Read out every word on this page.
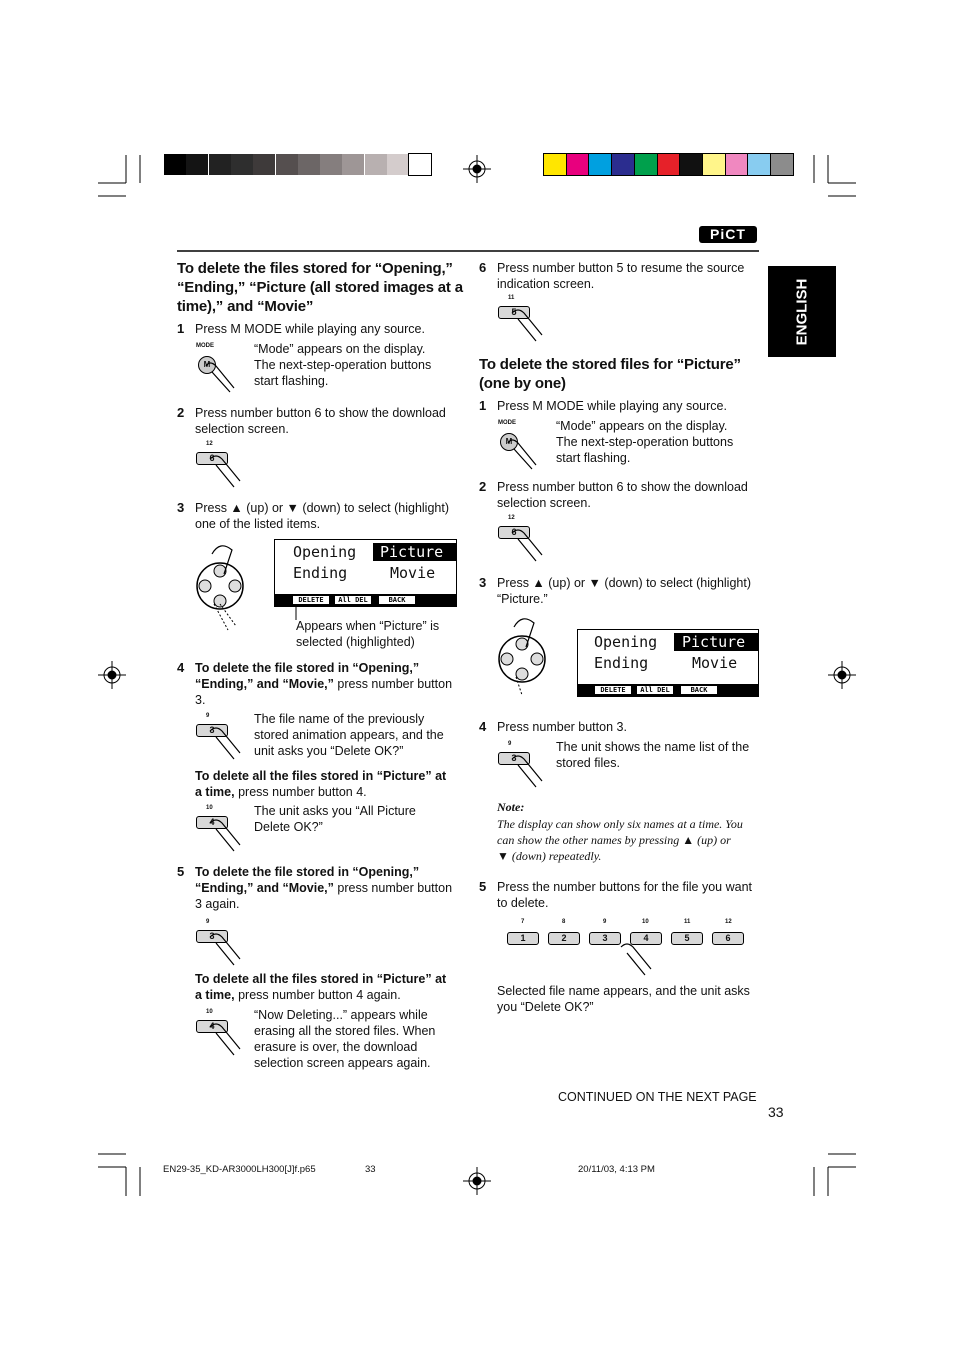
PiCT
ENGLISH
To delete the files stored for “Opening,”
“Ending,” “Picture (all stored images at a
time),” and “Movie”
1 Press M MODE while playing any source.
MODE
M
“Mode” appears on the display.
The next-step-operation buttons
start flashing.
2 Press number button 6 to show the download
selection screen.
12
6
3 Press ▲ (up) or ▼ (down) to select (highlight)
one of the listed items.
Opening	Picture
Ending	Movie
DELETE	All DEL	BACK
Appears when “Picture” is
selected (highlighted)
4 To delete the file stored in “Opening,”
“Ending,” and “Movie,” press number button
3.
9
3
The file name of the previously
stored animation appears, and the
unit asks you “Delete OK?”
To delete all the files stored in “Picture” at
a time, press number button 4.
10
4
The unit asks you “All Picture
Delete OK?”
5 To delete the file stored in “Opening,”
“Ending,” and “Movie,” press number button
3 again.
9
3
To delete all the files stored in “Picture” at
a time, press number button 4 again.
10
4
“Now Deleting...” appears while
erasing all the stored files. When
erasure is over, the download
selection screen appears again.
6 Press number button 5 to resume the source
indication screen.
11
5
To delete the stored files for “Picture”
(one by one)
1 Press M MODE while playing any source.
MODE
M
“Mode” appears on the display.
The next-step-operation buttons
start flashing.
2 Press number button 6 to show the download
selection screen.
12
6
3 Press ▲ (up) or ▼ (down) to select (highlight)
“Picture.”
Opening	Picture
Ending	Movie
DELETE	All DEL	BACK
4 Press number button 3.
9
3
The unit shows the name list of the
stored files.
Note:
The display can show only six names at a time. You
can show the other names by pressing ▲ (up) or
▼ (down) repeatedly.
5 Press the number buttons for the file you want
to delete.
7	8	9	10	11	12
1	2	3	4	5	6
Selected file name appears, and the unit asks
you “Delete OK?”
CONTINUED ON THE NEXT PAGE
33
EN29-35_KD-AR3000LH300[J]f.p65	33	20/11/03, 4:13 PM
